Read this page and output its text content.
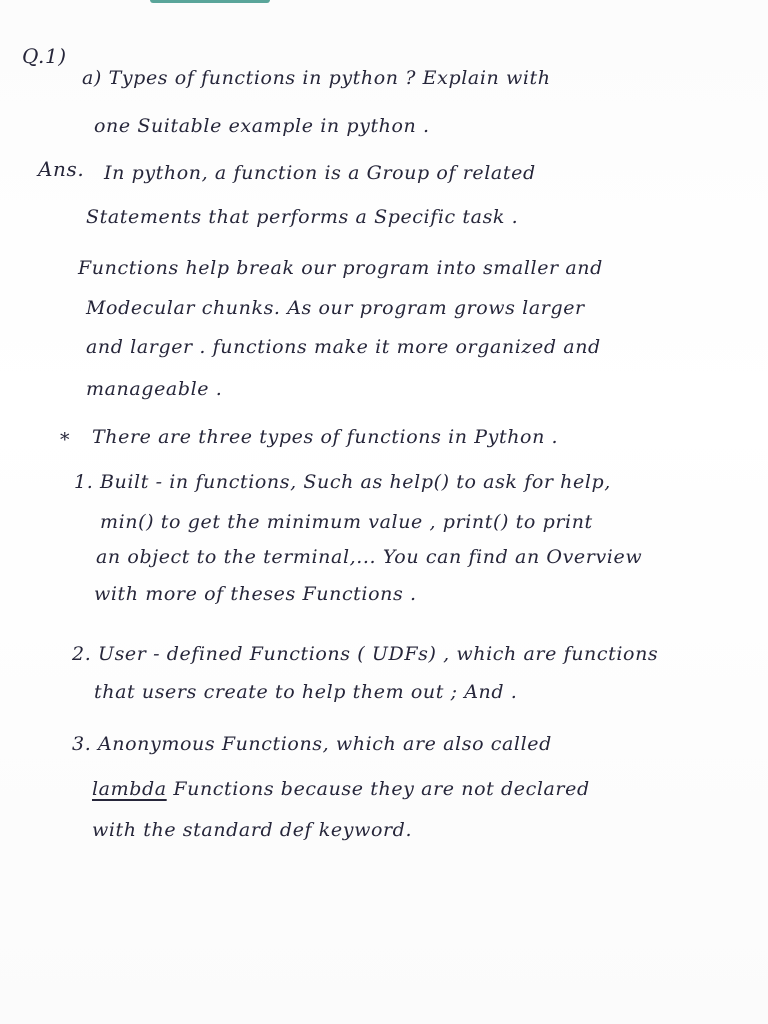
Q.1)
a) Types of functions in python ? Explain with
one Suitable example in python .
Ans. In python, a function is a Group of related
Statements that performs a Specific task .
Functions help break our program into smaller and
Modecular chunks. As our program grows larger
and larger . functions make it more organized and
manageable .
* There are three types of functions in Python .
1. Built - in functions, Such as help() to ask for help,
min() to get the minimum value , print() to print
an object to the terminal,... You can find an Overview
with more of theses Functions .
2. User - defined Functions ( UDFs) , which are functions
that users create to help them out ; And .
3. Anonymous Functions, which are also called
lambda Functions because they are not declared
with the standard def keyword.
